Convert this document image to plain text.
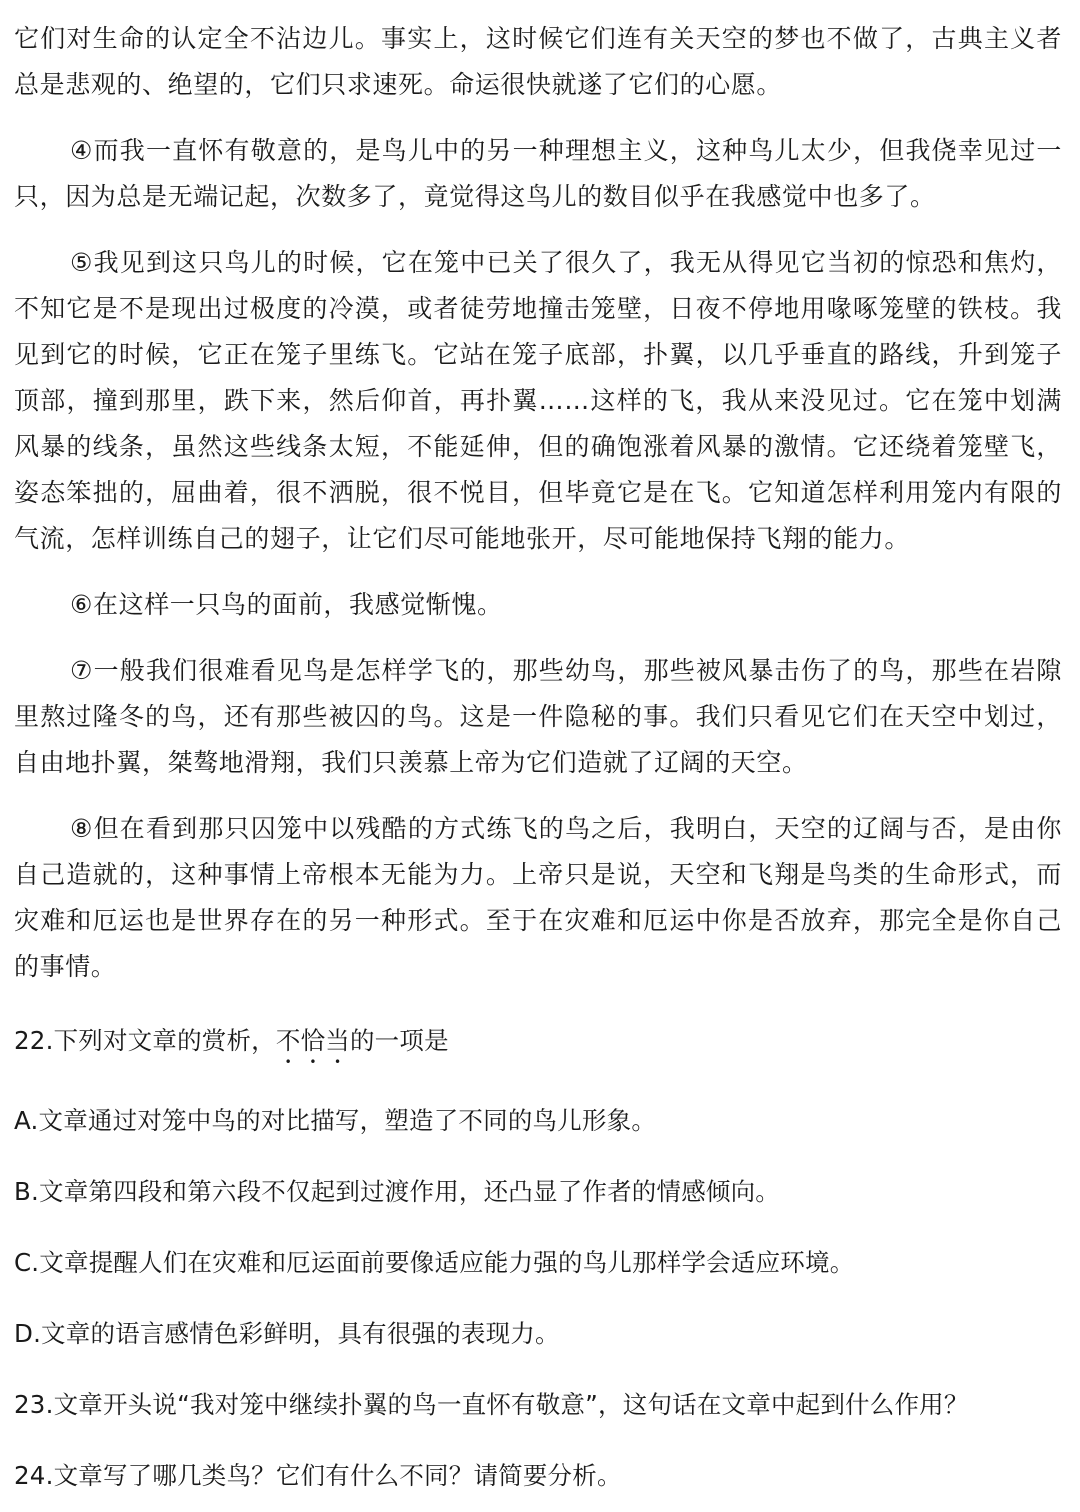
它们对生命的认定全不沾边儿。事实上，这时候它们连有关天空的梦也不做了，古典主义者总是悲观的、绝望的，它们只求速死。命运很快就遂了它们的心愿。

④而我一直怀有敬意的，是鸟儿中的另一种理想主义，这种鸟儿太少，但我侥幸见过一只，因为总是无端记起，次数多了，竟觉得这鸟儿的数目似乎在我感觉中也多了。

⑤我见到这只鸟儿的时候，它在笼中已关了很久了，我无从得见它当初的惊恐和焦灼，不知它是不是现出过极度的冷漠，或者徒劳地撞击笼壁，日夜不停地用喙啄笼壁的铁枝。我见到它的时候，它正在笼子里练飞。它站在笼子底部，扑翼，以几乎垂直的路线，升到笼子顶部，撞到那里，跌下来，然后仰首，再扑翼……这样的飞，我从来没见过。它在笼中划满风暴的线条，虽然这些线条太短，不能延伸，但的确饱涨着风暴的激情。它还绕着笼壁飞，姿态笨拙的，屈曲着，很不洒脱，很不悦目，但毕竟它是在飞。它知道怎样利用笼内有限的气流，怎样训练自己的翅子，让它们尽可能地张开，尽可能地保持飞翔的能力。

⑥在这样一只鸟的面前，我感觉惭愧。

⑦一般我们很难看见鸟是怎样学飞的，那些幼鸟，那些被风暴击伤了的鸟，那些在岩隙里熬过隆冬的鸟，还有那些被囚的鸟。这是一件隐秘的事。我们只看见它们在天空中划过，自由地扑翼，桀骜地滑翔，我们只羡慕上帝为它们造就了辽阔的天空。

⑧但在看到那只囚笼中以残酷的方式练飞的鸟之后，我明白，天空的辽阔与否，是由你自己造就的，这种事情上帝根本无能为力。上帝只是说，天空和飞翔是鸟类的生命形式，而灾难和厄运也是世界存在的另一种形式。至于在灾难和厄运中你是否放弃，那完全是你自己的事情。

22.下列对文章的赏析，不恰当的一项是

A.文章通过对笼中鸟的对比描写，塑造了不同的鸟儿形象。

B.文章第四段和第六段不仅起到过渡作用，还凸显了作者的情感倾向。

C.文章提醒人们在灾难和厄运面前要像适应能力强的鸟儿那样学会适应环境。

D.文章的语言感情色彩鲜明，具有很强的表现力。

23.文章开头说“我对笼中继续扑翼的鸟一直怀有敬意”，这句话在文章中起到什么作用？

24.文章写了哪几类鸟？它们有什么不同？请简要分析。
